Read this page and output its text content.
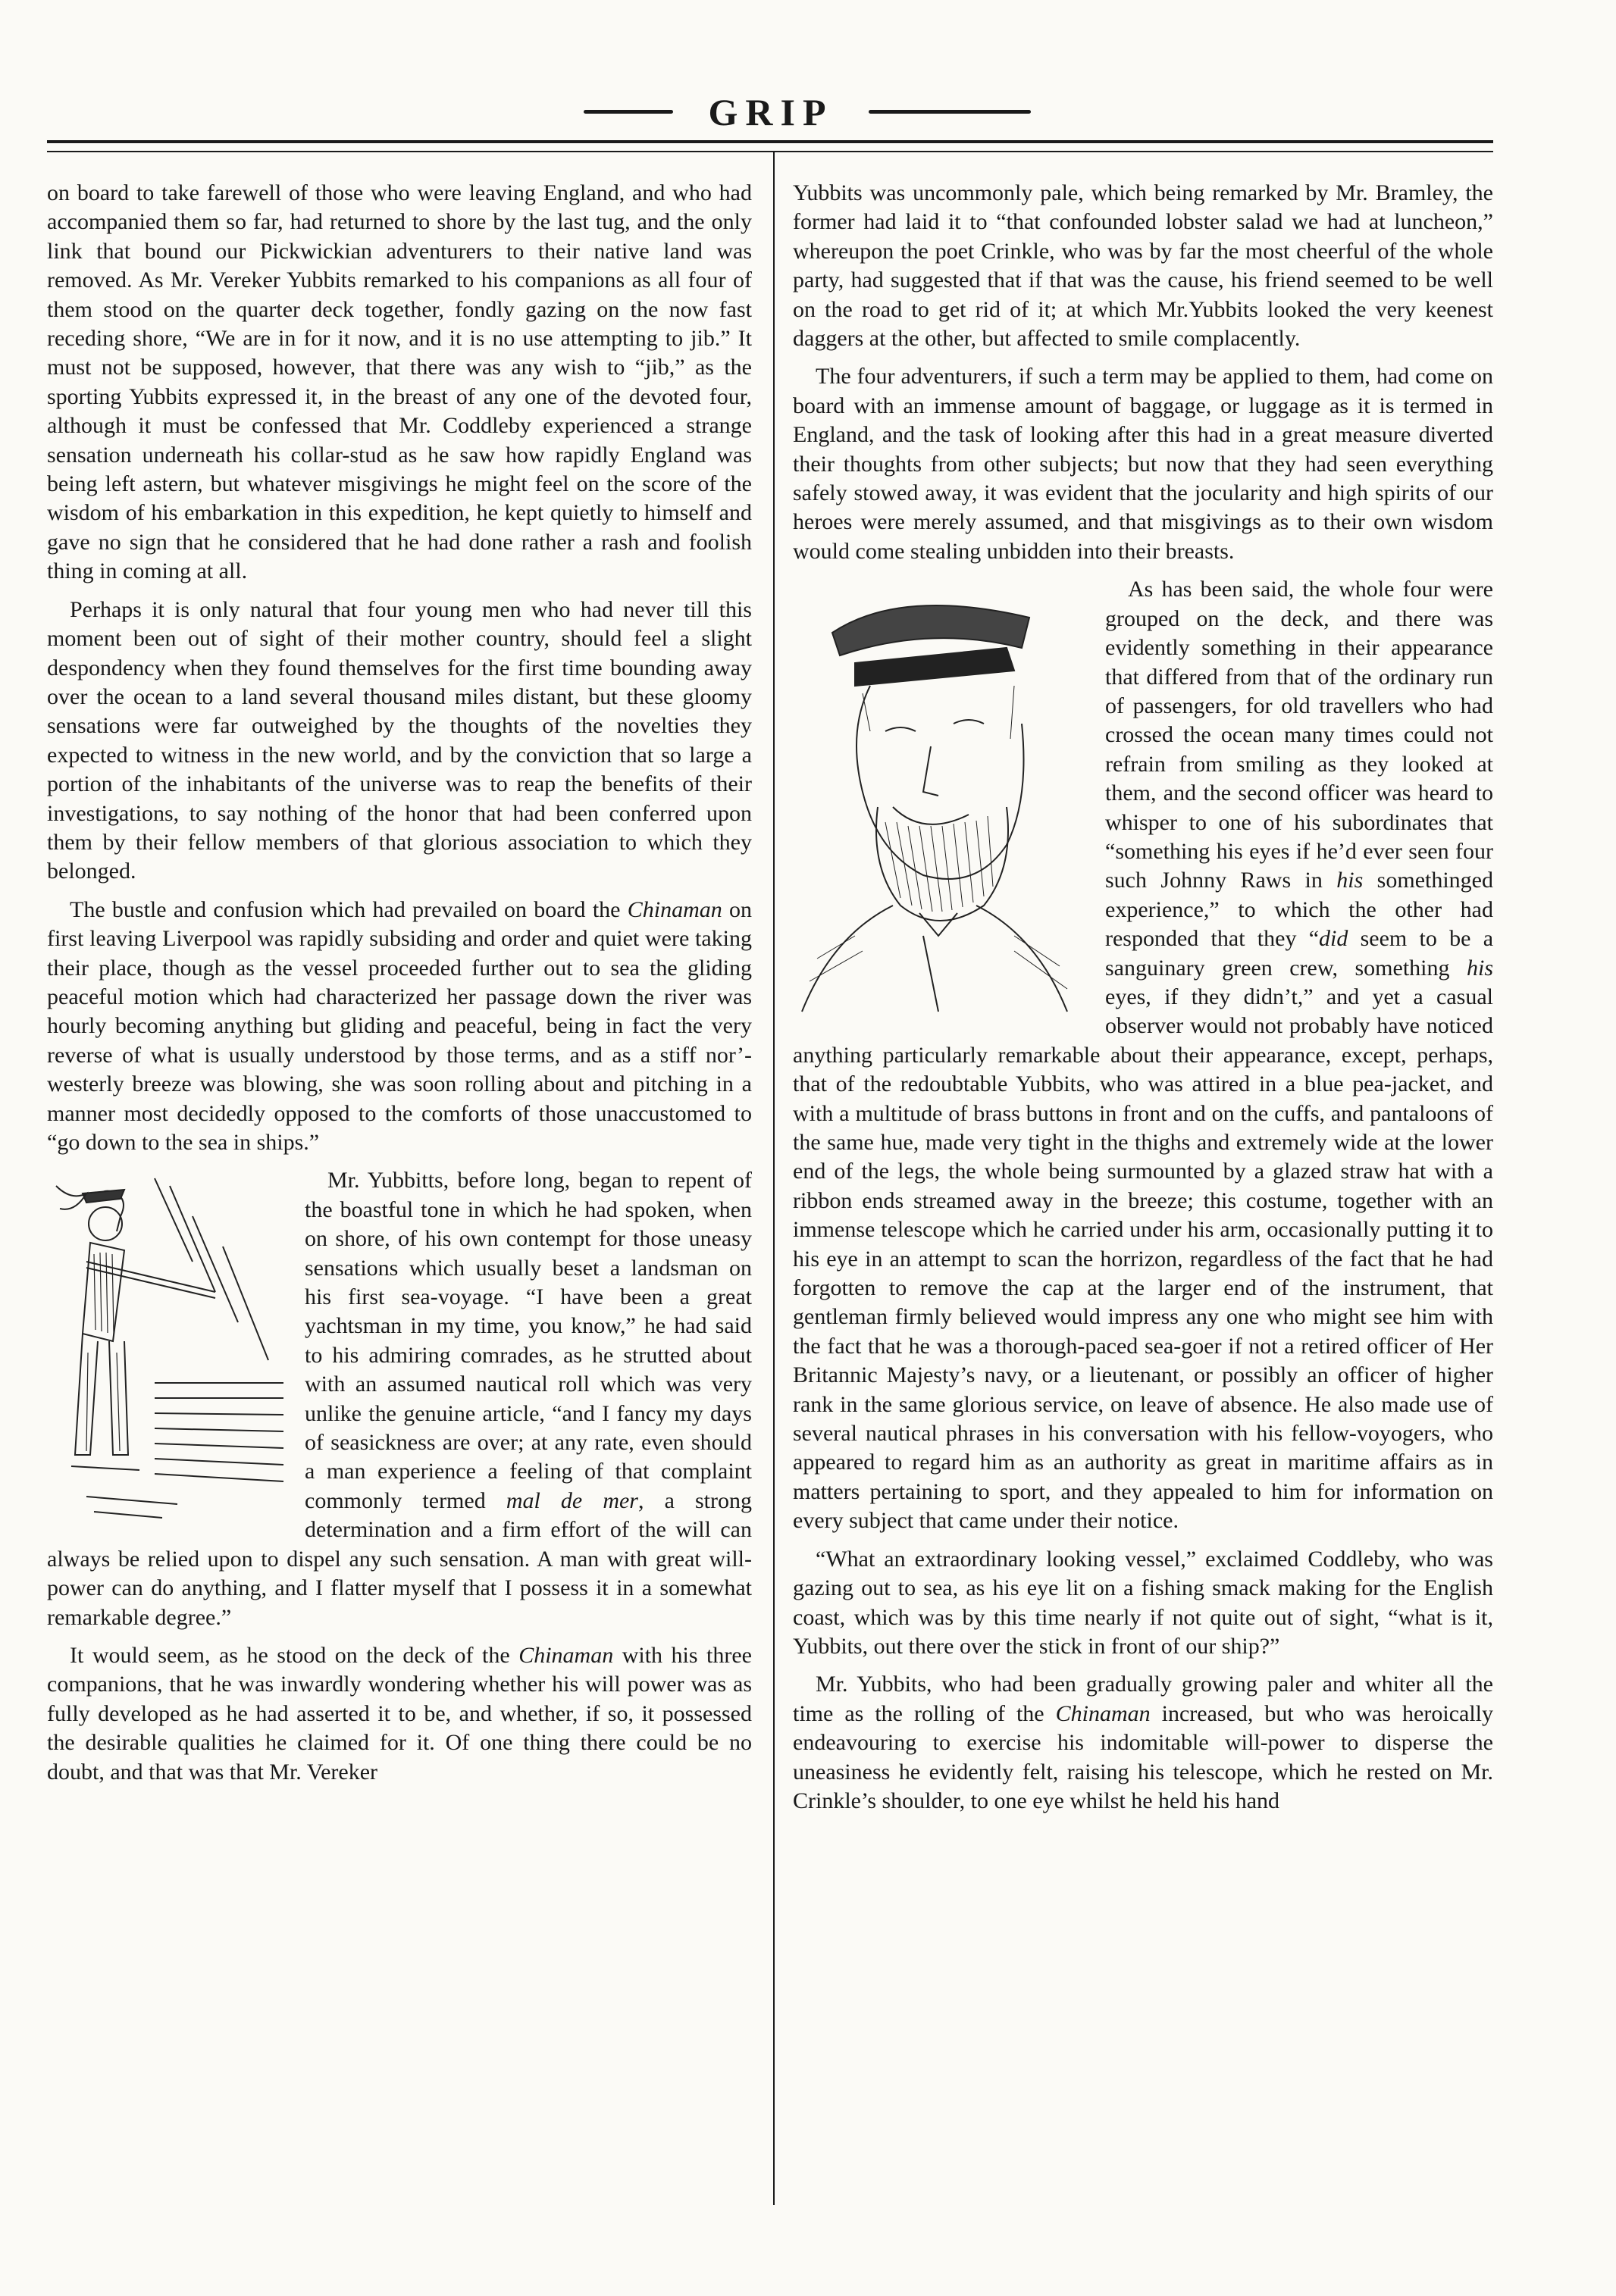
GRIP

on board to take farewell of those who were leaving England, and who had accompanied them so far, had returned to shore by the last tug, and the only link that bound our Pickwickian adventurers to their native land was removed. As Mr. Vereker Yubbits remarked to his companions as all four of them stood on the quarter deck together, fondly gazing on the now fast receding shore, “We are in for it now, and it is no use attempting to jib.” It must not be supposed, however, that there was any wish to “jib,” as the sporting Yubbits expressed it, in the breast of any one of the devoted four, although it must be confessed that Mr. Coddleby experienced a strange sensation underneath his collar-stud as he saw how rapidly England was being left astern, but whatever misgivings he might feel on the score of the wisdom of his embarkation in this expedition, he kept quietly to himself and gave no sign that he considered that he had done rather a rash and foolish thing in coming at all.

Perhaps it is only natural that four young men who had never till this moment been out of sight of their mother country, should feel a slight despondency when they found themselves for the first time bounding away over the ocean to a land several thousand miles distant, but these gloomy sensations were far outweighed by the thoughts of the novelties they expected to witness in the new world, and by the conviction that so large a portion of the inhabitants of the universe was to reap the benefits of their investigations, to say nothing of the honor that had been conferred upon them by their fellow members of that glorious association to which they belonged.

The bustle and confusion which had prevailed on board the Chinaman on first leaving Liverpool was rapidly subsiding and order and quiet were taking their place, though as the vessel proceeded further out to sea the gliding peaceful motion which had characterized her passage down the river was hourly becoming anything but gliding and peaceful, being in fact the very reverse of what is usually understood by those terms, and as a stiff nor’-westerly breeze was blowing, she was soon rolling about and pitching in a manner most decidedly opposed to the comforts of those unaccustomed to “go down to the sea in ships.”

Mr. Yubbitts, before long, began to repent of the boastful tone in which he had spoken, when on shore, of his own contempt for those uneasy sensations which usually beset a landsman on his first sea-voyage. “I have been a great yachtsman in my time, you know,” he had said to his admiring comrades, as he strutted about with an assumed nautical roll which was very unlike the genuine article, “and I fancy my days of seasickness are over; at any rate, even should a man experience a feeling of that complaint commonly termed mal de mer, a strong determination and a firm effort of the will can always be relied upon to dispel any such sensation. A man with great will-power can do anything, and I flatter myself that I possess it in a somewhat remarkable degree.”

It would seem, as he stood on the deck of the Chinaman with his three companions, that he was inwardly wondering whether his will power was as fully developed as he had asserted it to be, and whether, if so, it possessed the desirable qualities he claimed for it. Of one thing there could be no doubt, and that was that Mr. Vereker

Yubbits was uncommonly pale, which being remarked by Mr. Bramley, the former had laid it to “that confounded lobster salad we had at luncheon,” whereupon the poet Crinkle, who was by far the most cheerful of the whole party, had suggested that if that was the cause, his friend seemed to be well on the road to get rid of it; at which Mr.Yubbits looked the very keenest daggers at the other, but affected to smile complacently.

The four adventurers, if such a term may be applied to them, had come on board with an immense amount of baggage, or luggage as it is termed in England, and the task of looking after this had in a great measure diverted their thoughts from other subjects; but now that they had seen everything safely stowed away, it was evident that the jocularity and high spirits of our heroes were merely assumed, and that misgivings as to their own wisdom would come stealing unbidden into their breasts.

As has been said, the whole four were grouped on the deck, and there was evidently something in their appearance that differed from that of the ordinary run of passengers, for old travellers who had crossed the ocean many times could not refrain from smiling as they looked at them, and the second officer was heard to whisper to one of his subordinates that “something his eyes if he’d ever seen four such Johnny Raws in his somethinged experience,” to which the other had responded that they “did seem to be a sanguinary green crew, something his eyes, if they didn’t,” and yet a casual observer would not probably have noticed anything particularly remarkable about their appearance, except, perhaps, that of the redoubtable Yubbits, who was attired in a blue pea-jacket, and with a multitude of brass buttons in front and on the cuffs, and pantaloons of the same hue, made very tight in the thighs and extremely wide at the lower end of the legs, the whole being surmounted by a glazed straw hat with a ribbon ends streamed away in the breeze; this costume, together with an immense telescope which he carried under his arm, occasionally putting it to his eye in an attempt to scan the horrizon, regardless of the fact that he had forgotten to remove the cap at the larger end of the instrument, that gentleman firmly believed would impress any one who might see him with the fact that he was a thorough-paced sea-goer if not a retired officer of Her Britannic Majesty’s navy, or a lieutenant, or possibly an officer of higher rank in the same glorious service, on leave of absence. He also made use of several nautical phrases in his conversation with his fellow-voyogers, who appeared to regard him as an authority as great in maritime affairs as in matters pertaining to sport, and they appealed to him for information on every subject that came under their notice.

“What an extraordinary looking vessel,” exclaimed Coddleby, who was gazing out to sea, as his eye lit on a fishing smack making for the English coast, which was by this time nearly if not quite out of sight, “what is it, Yubbits, out there over the stick in front of our ship?”

Mr. Yubbits, who had been gradually growing paler and whiter all the time as the rolling of the Chinaman increased, but who was heroically endeavouring to exercise his indomitable will-power to disperse the uneasiness he evidently felt, raising his telescope, which he rested on Mr. Crinkle’s shoulder, to one eye whilst he held his hand
